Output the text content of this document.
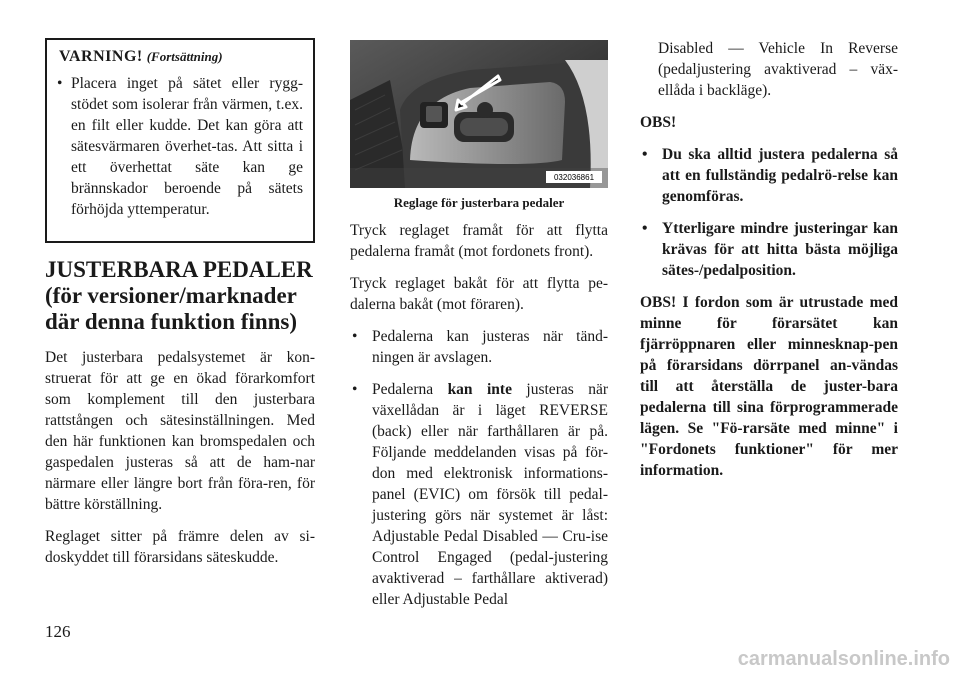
VARNING! (Fortsättning)
• Placera inget på sätet eller rygg-stödet som isolerar från värmen, t.ex. en filt eller kudde. Det kan göra att sätesvärmaren överhet-tas. Att sitta i ett överhettat säte kan ge brännskador beroende på sätets förhöjda yttemperatur.
JUSTERBARA PEDALER (för versioner/marknader där denna funktion finns)

Det justerbara pedalsystemet är kon-struerat för att ge en ökad förarkomfort som komplement till den justerbara rattstången och sätesinställningen. Med den här funktionen kan bromspedalen och gaspedalen justeras så att de ham-nar närmare eller längre bort från föra-ren, för bättre körställning.

Reglaget sitter på främre delen av si-doskyddet till förarsidans säteskudde.

032036861
Reglage för justerbara pedaler

Tryck reglaget framåt för att flytta pedalerna framåt (mot fordonets front).

Tryck reglaget bakåt för att flytta pe-dalerna bakåt (mot föraren).

• Pedalerna kan justeras när tänd-ningen är avslagen.
• Pedalerna kan inte justeras när växellådan är i läget REVERSE (back) eller när farthållaren är på. Följande meddelanden visas på för-don med elektronisk informations-panel (EVIC) om försök till pedal-justering görs när systemet är låst: Adjustable Pedal Disabled — Cru-ise Control Engaged (pedal-justering avaktiverad – farthållare aktiverad) eller Adjustable Pedal
Disabled — Vehicle In Reverse (pedaljustering avaktiverad – väx-ellåda i backläge).

OBS!

• Du ska alltid justera pedalerna så att en fullständig pedalrö-relse kan genomföras.
• Ytterligare mindre justeringar kan krävas för att hitta bästa möjliga sätes-/pedalposition.

OBS! I fordon som är utrustade med minne för förarsätet kan fjärröppnaren eller minnesknap-pen på förarsidans dörrpanel an-vändas till att återställa de juster-bara pedalerna till sina förprogrammerade lägen. Se "Fö-rarsäte med minne" i "Fordonets funktioner" för mer information.

126
carmanualsonline.info
